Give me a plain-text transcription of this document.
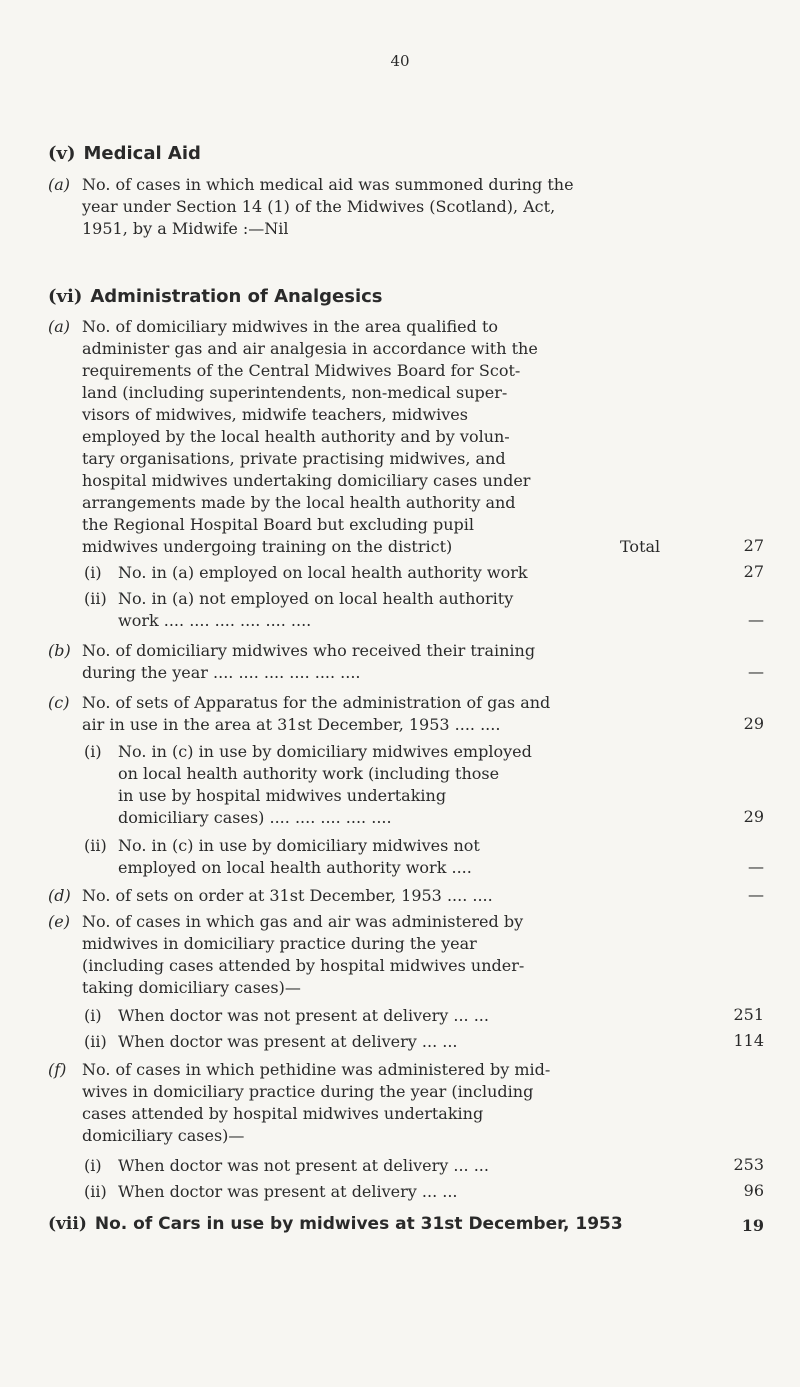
40
(v) Medical Aid
(a) No. of cases in which medical aid was summoned during the
year under Section 14 (1) of the Midwives (Scotland), Act,
1951, by a Midwife :—Nil
(vi) Administration of Analgesics
(a) No. of domiciliary midwives in the area qualified to
administer gas and air analgesia in accordance with the
requirements of the Central Midwives Board for Scot-
land (including superintendents, non-medical super-
visors of midwives, midwife teachers, midwives
employed by the local health authority and by volun-
tary organisations, private practising midwives, and
hospital midwives undertaking domiciliary cases under
arrangements made by the local health authority and
the Regional Hospital Board but excluding pupil
midwives undergoing training on the district)	Total	27
(i) No. in (a) employed on local health authority work	27
(ii) No. in (a) not employed on local health authority
work .... .... .... .... .... ....	—
(b) No. of domiciliary midwives who received their training
during the year .... .... .... .... .... ....	—
(c) No. of sets of Apparatus for the administration of gas and
air in use in the area at 31st December, 1953 .... ....	29
(i) No. in (c) in use by domiciliary midwives employed
on local health authority work (including those
in use by hospital midwives undertaking
domiciliary cases) .... .... .... .... ....	29
(ii) No. in (c) in use by domiciliary midwives not
employed on local health authority work ....	—
(d) No. of sets on order at 31st December, 1953 .... ....	—
(e) No. of cases in which gas and air was administered by
midwives in domiciliary practice during the year
(including cases attended by hospital midwives under-
taking domiciliary cases)—
(i) When doctor was not present at delivery ... ...	251
(ii) When doctor was present at delivery ... ...	114
(f) No. of cases in which pethidine was administered by mid-
wives in domiciliary practice during the year (including
cases attended by hospital midwives undertaking
domiciliary cases)—
(i) When doctor was not present at delivery ... ...	253
(ii) When doctor was present at delivery ... ...	96
(vii) No. of Cars in use by midwives at 31st December, 1953	19
